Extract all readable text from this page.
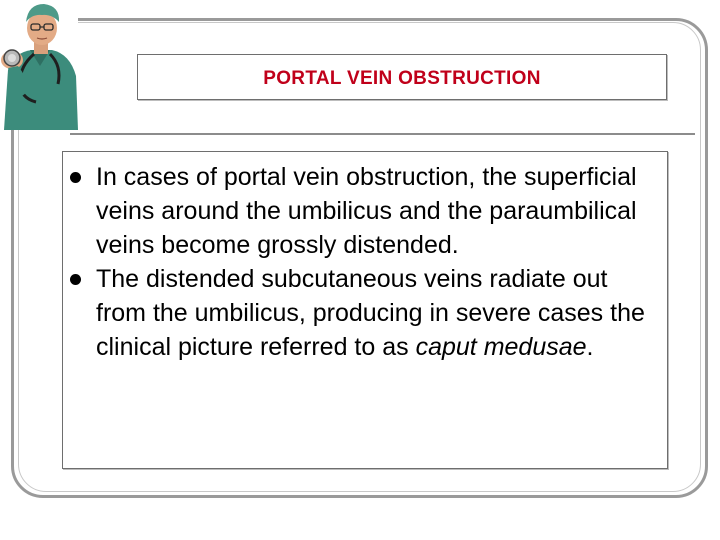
PORTAL VEIN OBSTRUCTION
In cases of portal vein obstruction, the superficial veins around the umbilicus and the paraumbilical veins become grossly distended.
The distended subcutaneous veins radiate out from the umbilicus, producing in severe cases the clinical picture referred to as caput medusae.
